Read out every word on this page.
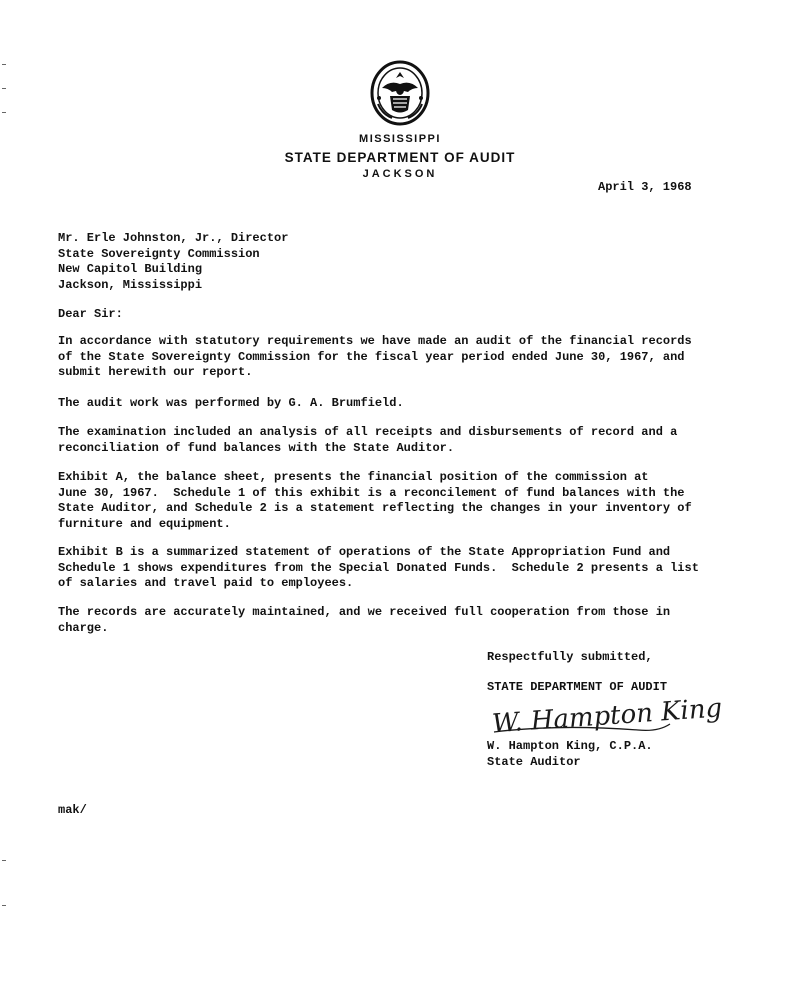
MISSISSIPPI
STATE DEPARTMENT OF AUDIT
JACKSON
April 3, 1968
Mr. Erle Johnston, Jr., Director
State Sovereignty Commission
New Capitol Building
Jackson, Mississippi
Dear Sir:
In accordance with statutory requirements we have made an audit of the financial records
of the State Sovereignty Commission for the fiscal year period ended June 30, 1967, and
submit herewith our report.
The audit work was performed by G. A. Brumfield.
The examination included an analysis of all receipts and disbursements of record and a
reconciliation of fund balances with the State Auditor.
Exhibit A, the balance sheet, presents the financial position of the commission at
June 30, 1967.  Schedule 1 of this exhibit is a reconcilement of fund balances with the
State Auditor, and Schedule 2 is a statement reflecting the changes in your inventory of
furniture and equipment.
Exhibit B is a summarized statement of operations of the State Appropriation Fund and
Schedule 1 shows expenditures from the Special Donated Funds.  Schedule 2 presents a list
of salaries and travel paid to employees.
The records are accurately maintained, and we received full cooperation from those in
charge.
Respectfully submitted,
STATE DEPARTMENT OF AUDIT
W. Hampton King
W. Hampton King, C.P.A.
State Auditor
mak/
